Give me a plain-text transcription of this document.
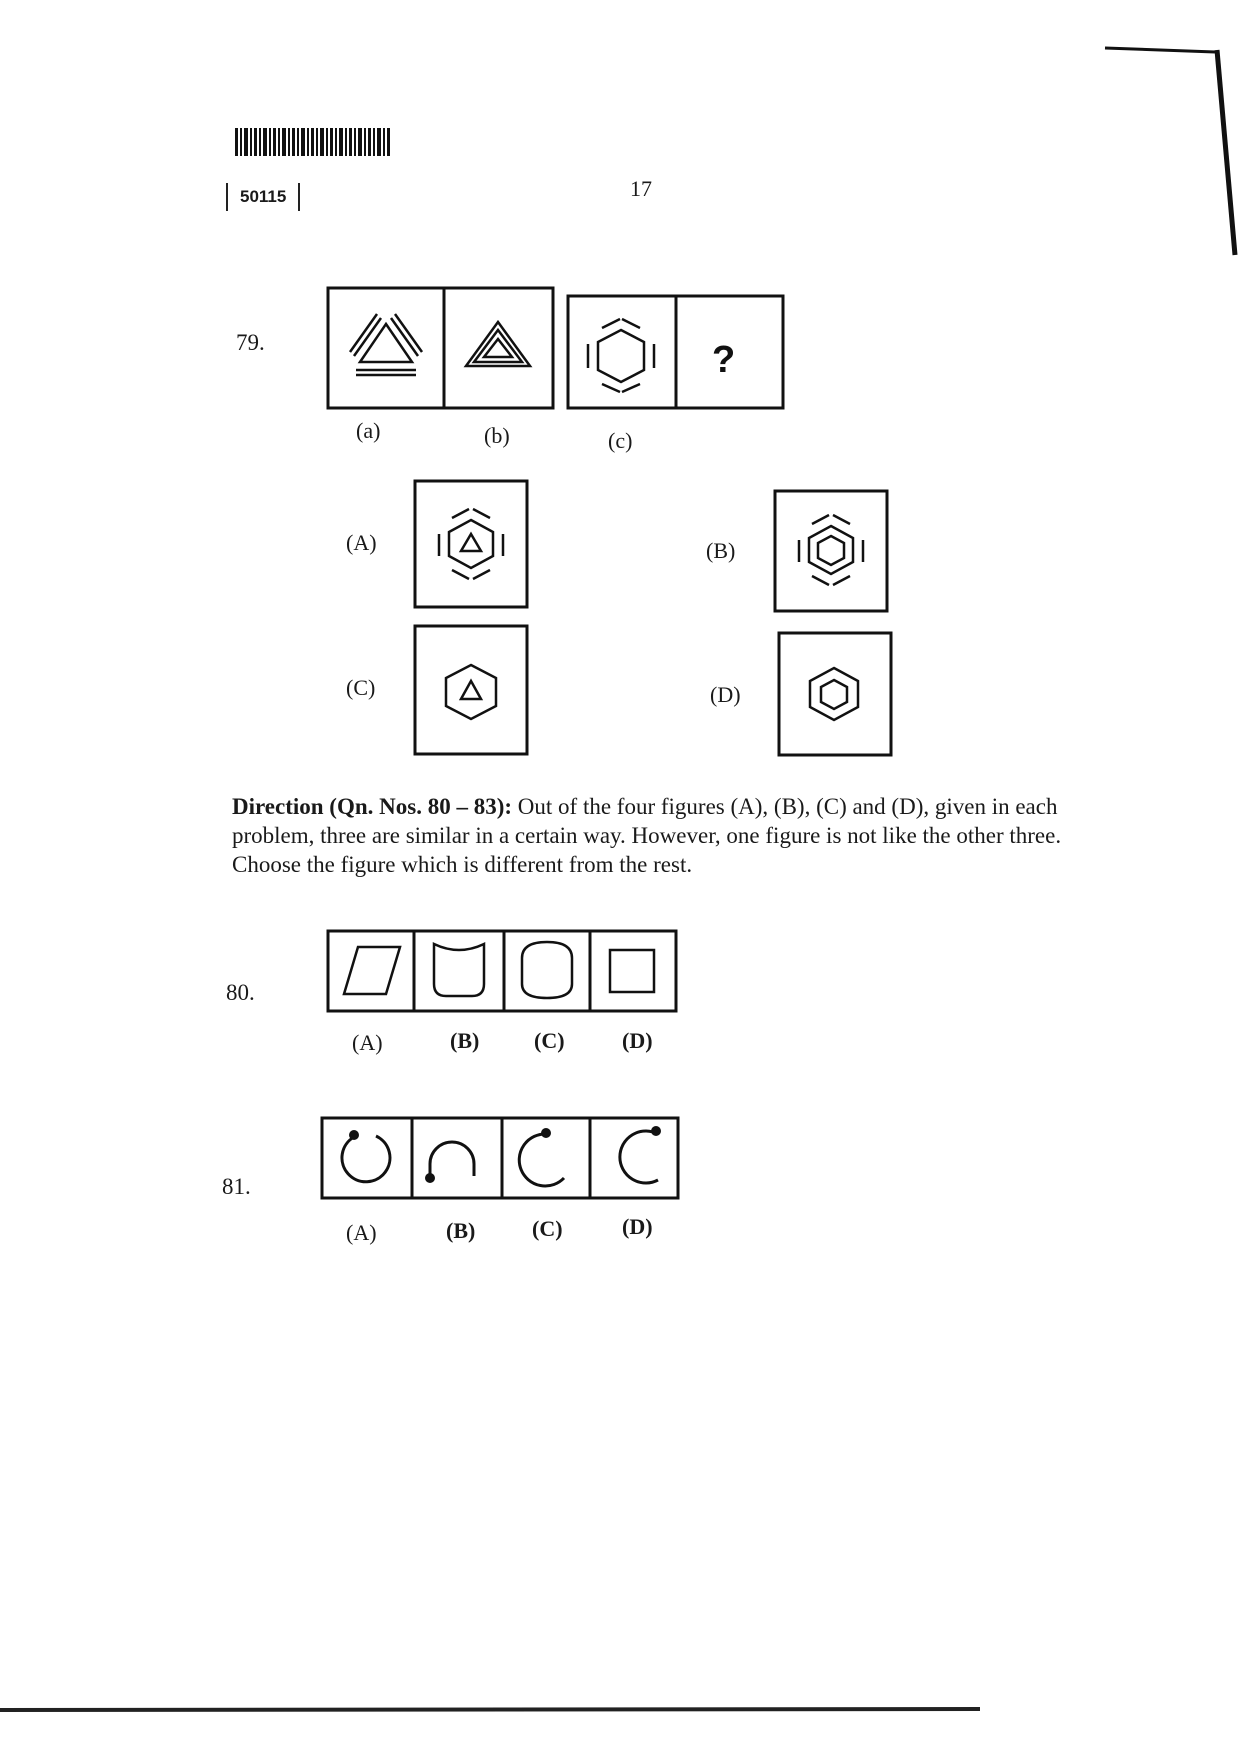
50115	17
79.	?
(a)	(b)	(c)
(A)	(B)
(C)	(D)
Direction (Qn. Nos. 80 – 83): Out of the four figures (A), (B), (C) and (D), given in each problem, three are similar in a certain way. However, one figure is not like the other three. Choose the figure which is different from the rest.
80.
(A)	(B) (C)	(D)
81.
(A)	(B)	(C)	(D)
